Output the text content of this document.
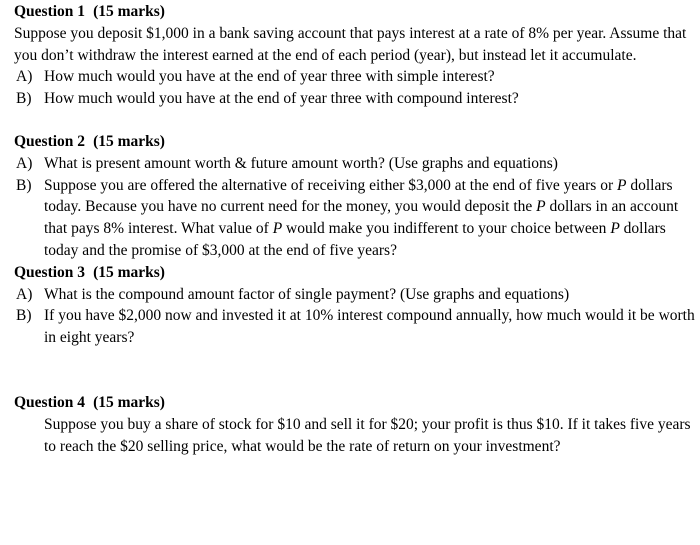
Question 1 (15 marks)

Suppose you deposit $1,000 in a bank saving account that pays interest at a rate of 8% per year. Assume that you don’t withdraw the interest earned at the end of each period (year), but instead let it accumulate.

A) How much would you have at the end of year three with simple interest?
B) How much would you have at the end of year three with compound interest?
Question 2 (15 marks)
A) What is present amount worth & future amount worth? (Use graphs and equations)
B) Suppose you are offered the alternative of receiving either $3,000 at the end of five years or P dollars today. Because you have no current need for the money, you would deposit the P dollars in an account that pays 8% interest. What value of P would make you indifferent to your choice between P dollars today and the promise of $3,000 at the end of five years?
Question 3 (15 marks)
A) What is the compound amount factor of single payment? (Use graphs and equations)
B) If you have $2,000 now and invested it at 10% interest compound annually, how much would it be worth in eight years?
Question 4 (15 marks)

Suppose you buy a share of stock for $10 and sell it for $20; your profit is thus $10. If it takes five years to reach the $20 selling price, what would be the rate of return on your investment?
